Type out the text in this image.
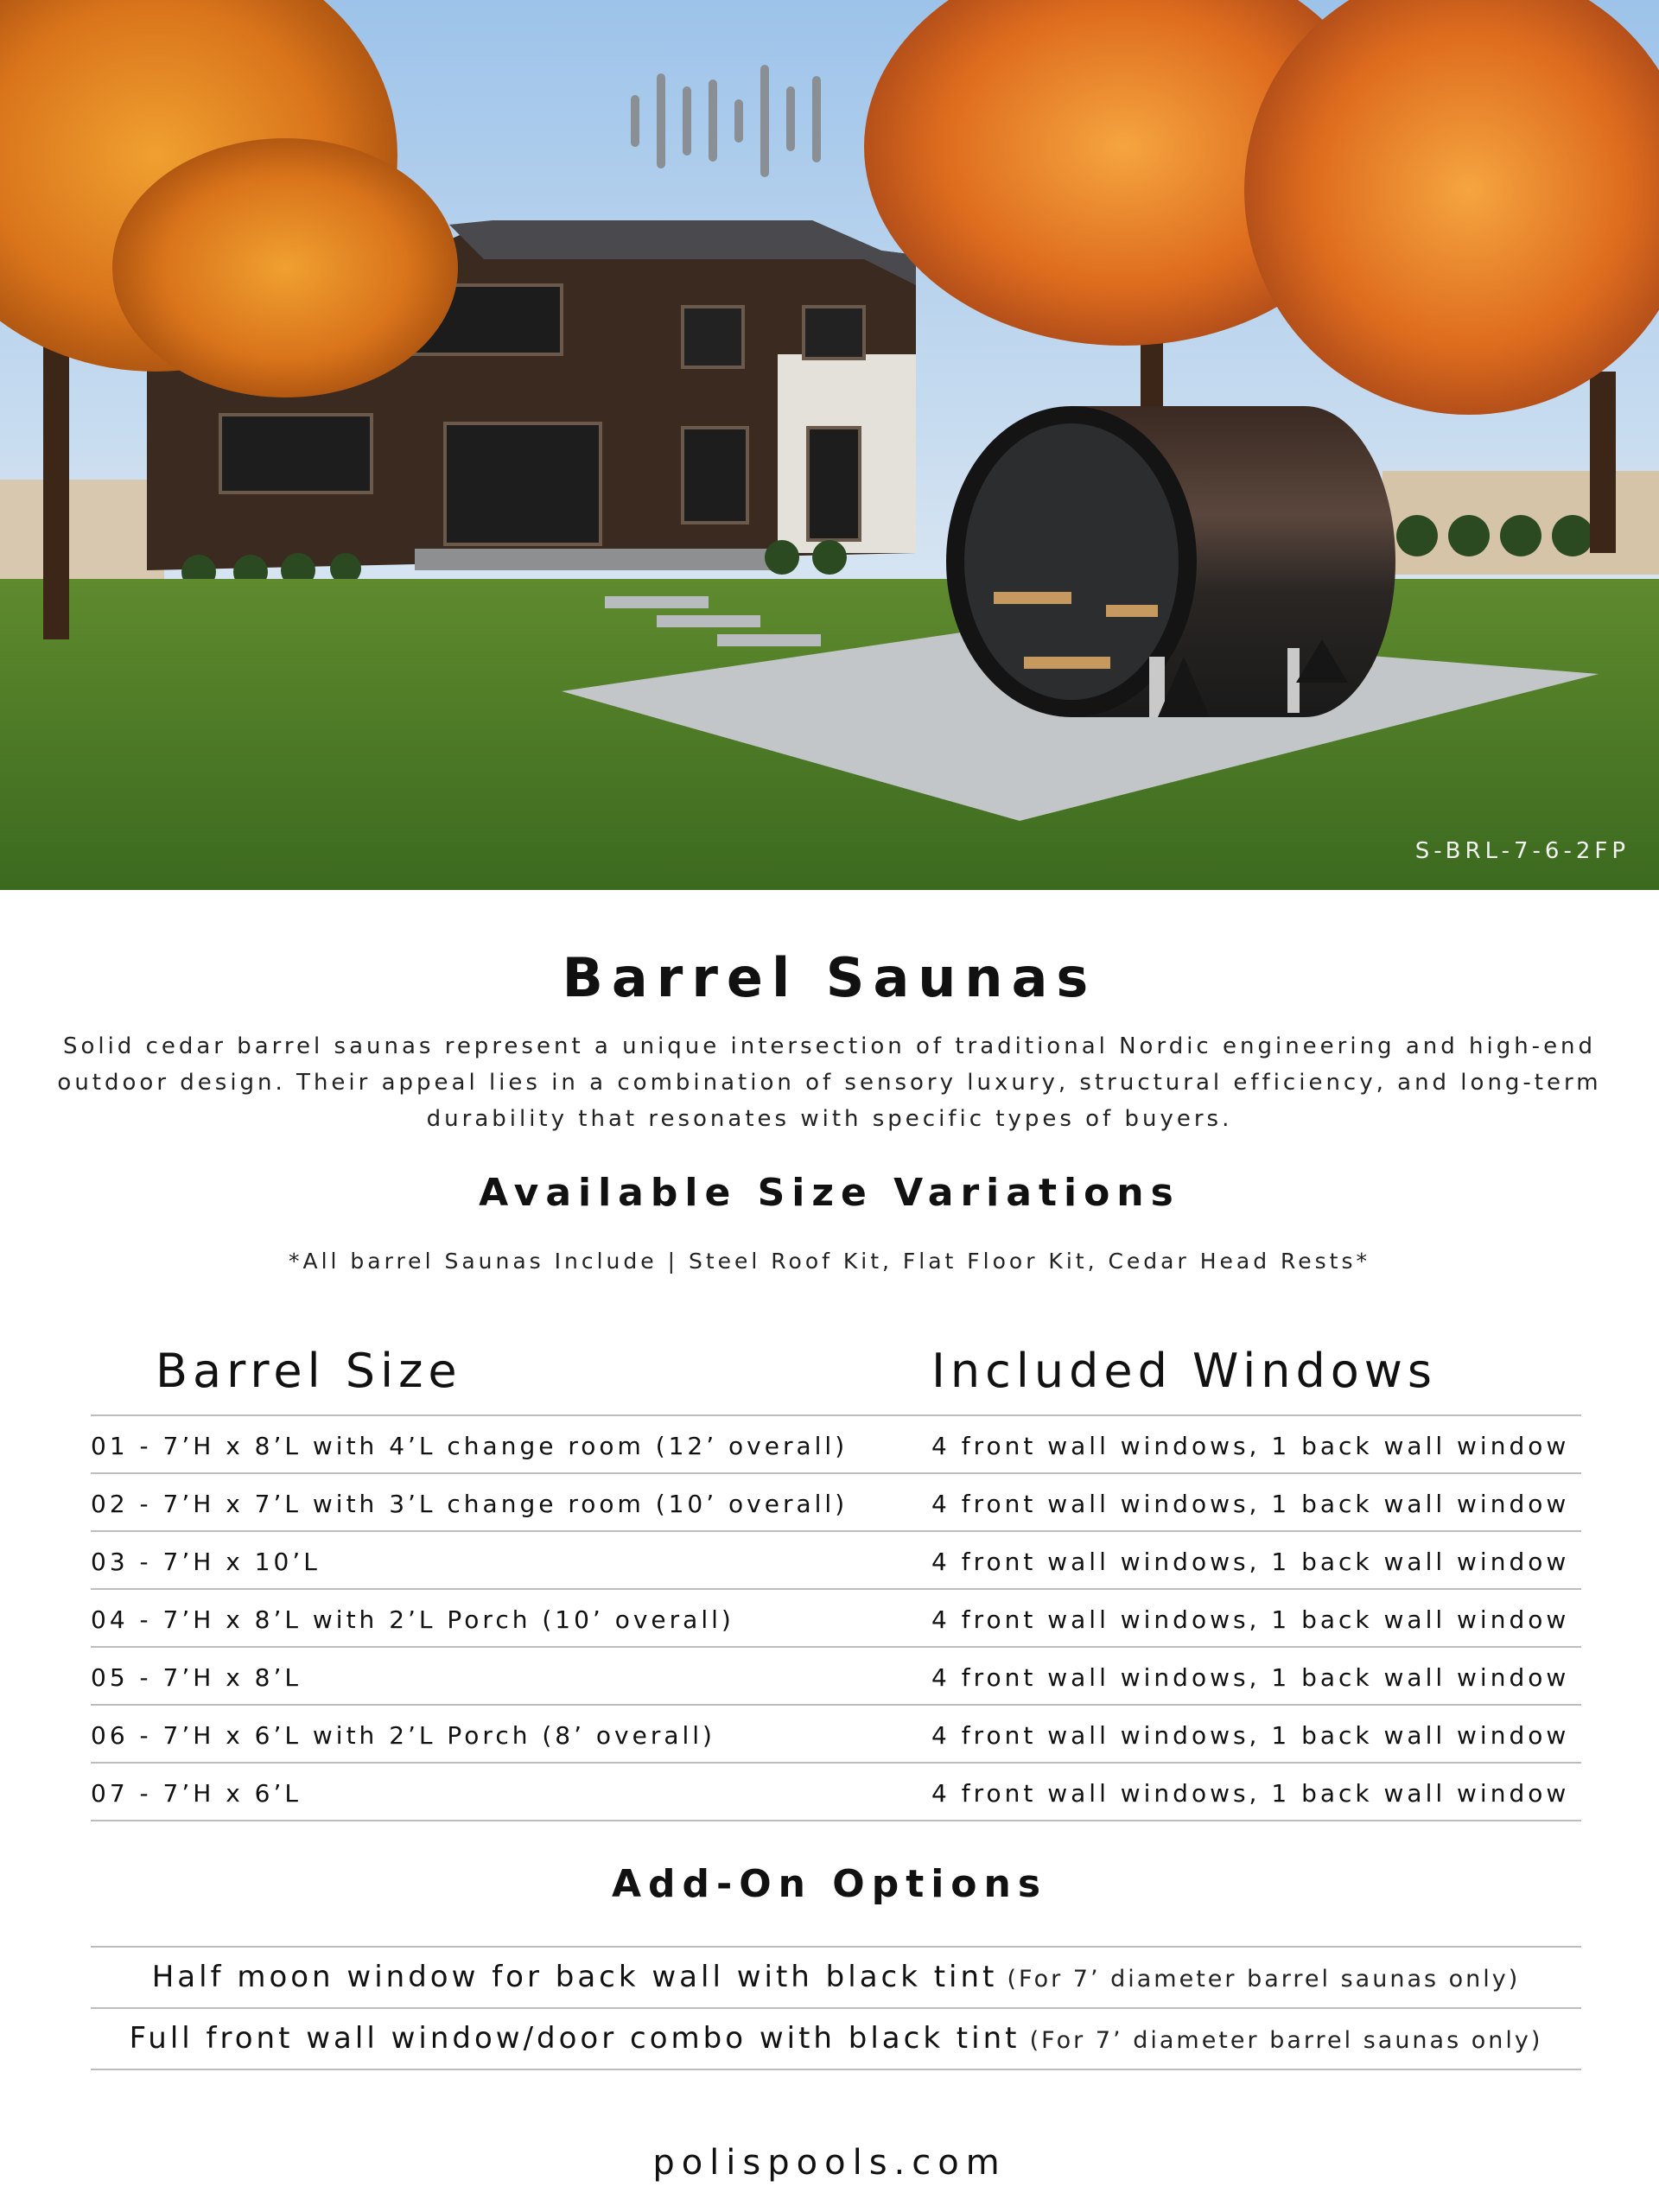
S-BRL-7-6-2FP
Barrel Saunas
Solid cedar barrel saunas represent a unique intersection of traditional Nordic engineering and high-end outdoor design. Their appeal lies in a combination of sensory luxury, structural efficiency, and long-term durability that resonates with specific types of buyers.
Available Size Variations
*All barrel Saunas Include | Steel Roof Kit, Flat Floor Kit, Cedar Head Rests*
Barrel Size	Included Windows
01 - 7’H x 8’L with 4’L change room (12’ overall)	4 front wall windows, 1 back wall window
02 - 7’H x 7’L with 3’L change room (10’ overall)	4 front wall windows, 1 back wall window
03 - 7’H x 10’L	4 front wall windows, 1 back wall window
04 - 7’H x 8’L with 2’L Porch (10’ overall)	4 front wall windows, 1 back wall window
05 - 7’H x 8’L	4 front wall windows, 1 back wall window
06 - 7’H x 6’L with 2’L Porch (8’ overall)	4 front wall windows, 1 back wall window
07 - 7’H x 6’L	4 front wall windows, 1 back wall window
Add-On Options
Half moon window for back wall with black tint (For 7’ diameter barrel saunas only)
Full front wall window/door combo with black tint (For 7’ diameter barrel saunas only)
polispools.com
